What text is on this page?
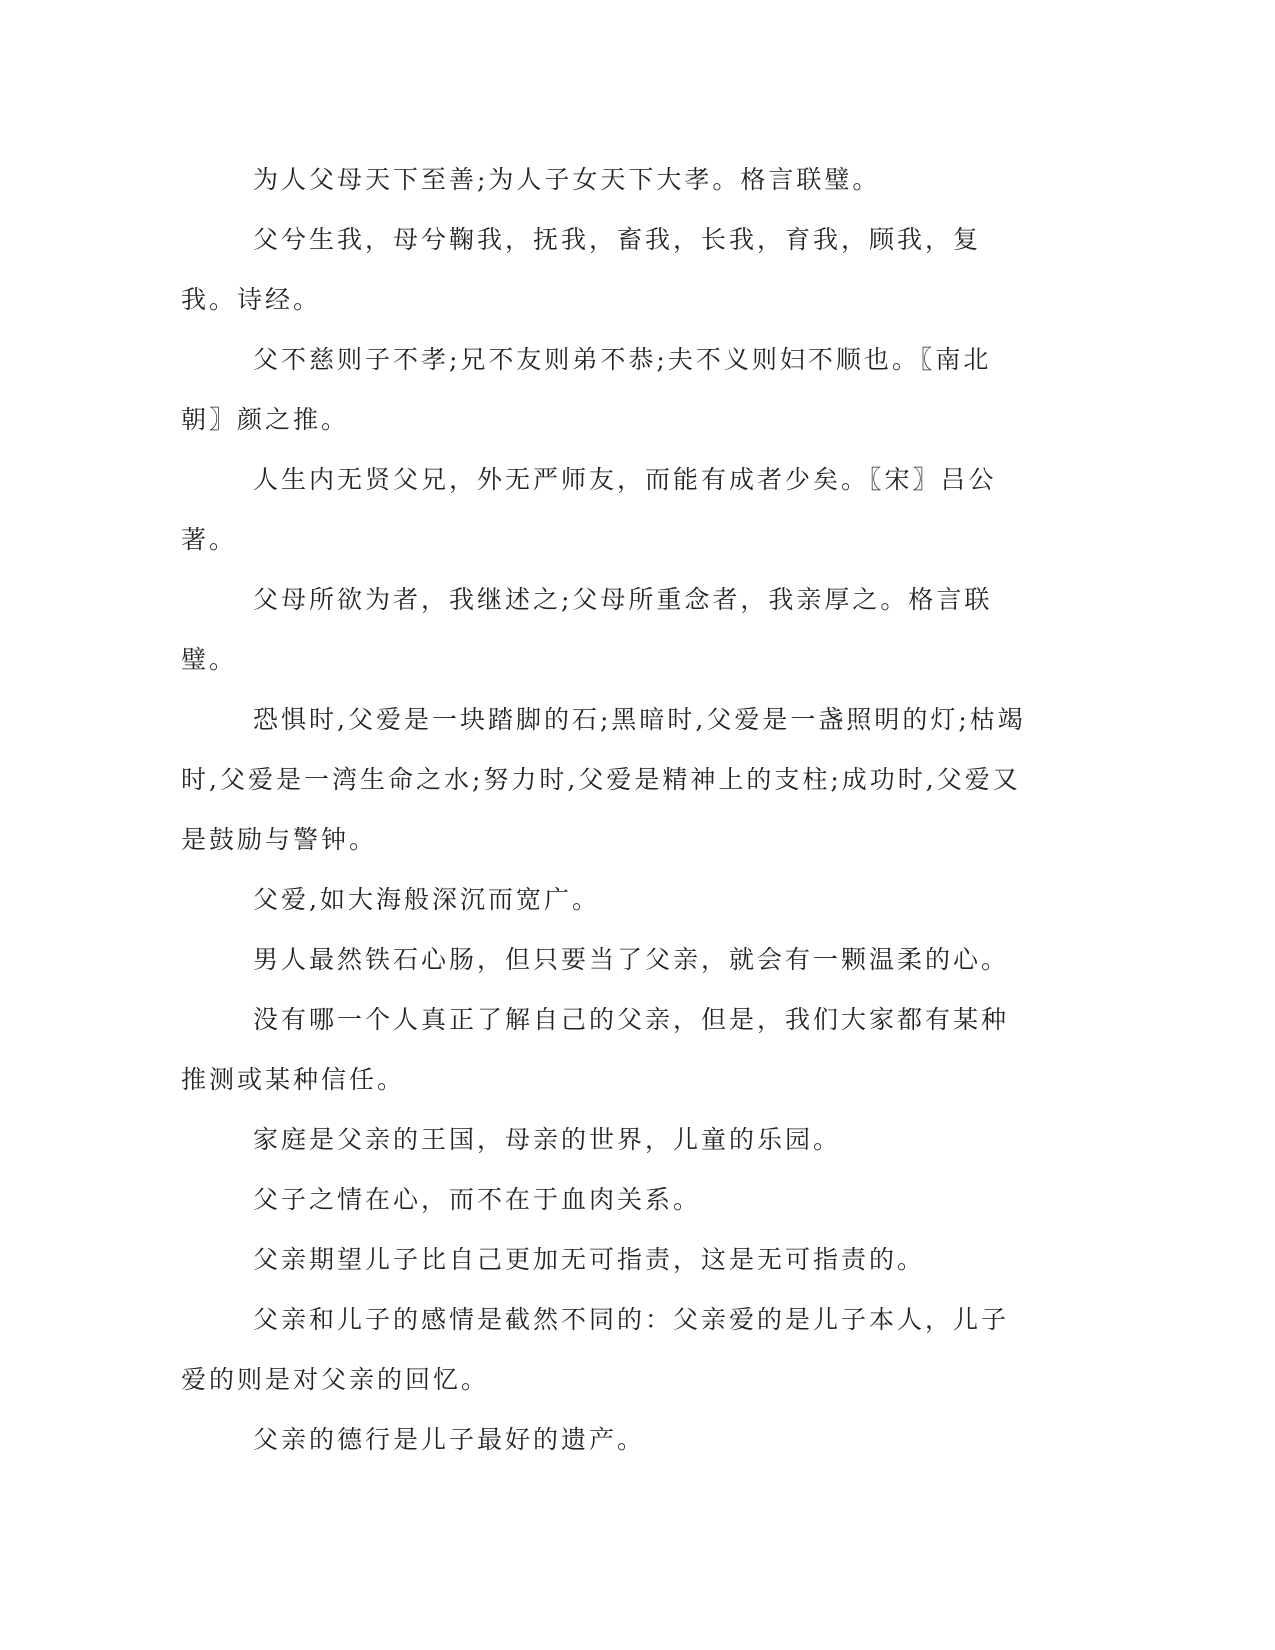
为人父母天下至善;为人子女天下大孝。格言联璧。

父兮生我，母兮鞠我，抚我，畜我，长我，育我，顾我，复我。诗经。

父不慈则子不孝;兄不友则弟不恭;夫不义则妇不顺也。〖南北朝〗颜之推。

人生内无贤父兄，外无严师友，而能有成者少矣。〖宋〗吕公著。

父母所欲为者，我继述之;父母所重念者，我亲厚之。格言联璧。

恐惧时,父爱是一块踏脚的石;黑暗时,父爱是一盏照明的灯;枯竭时,父爱是一湾生命之水;努力时,父爱是精神上的支柱;成功时,父爱又是鼓励与警钟。

父爱,如大海般深沉而宽广。

男人最然铁石心肠，但只要当了父亲，就会有一颗温柔的心。

没有哪一个人真正了解自己的父亲，但是，我们大家都有某种推测或某种信任。

家庭是父亲的王国，母亲的世界，儿童的乐园。

父子之情在心，而不在于血肉关系。

父亲期望儿子比自己更加无可指责，这是无可指责的。

父亲和儿子的感情是截然不同的：父亲爱的是儿子本人，儿子爱的则是对父亲的回忆。

父亲的德行是儿子最好的遗产。
